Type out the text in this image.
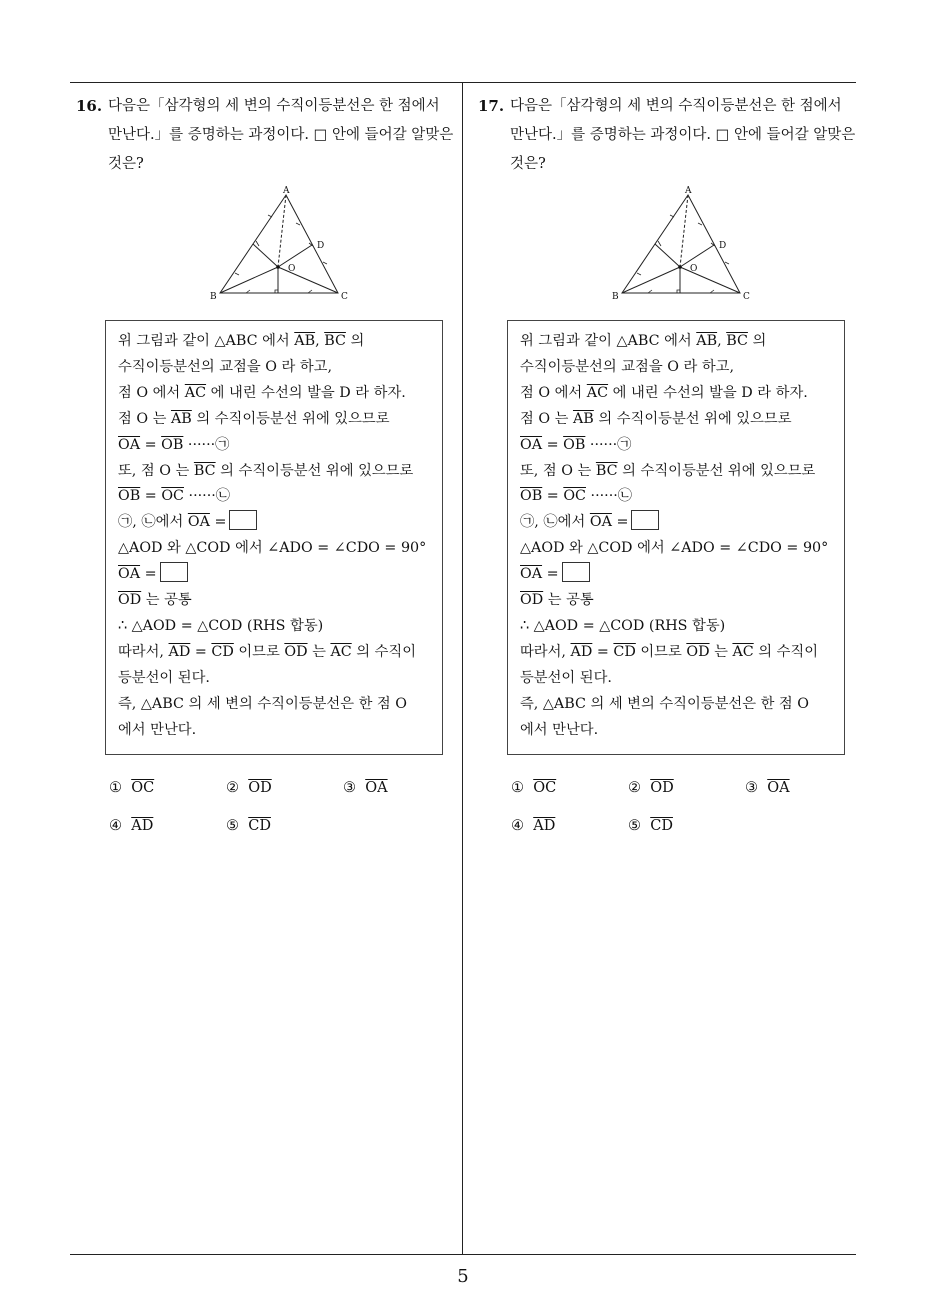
5
16. 다음은「삼각형의 세 변의 수직이등분선은 한 점에서
만난다.」를 증명하는 과정이다. □ 안에 들어갈 알맞은
것은?
A
B	C
D
O
위 그림과 같이 △ABC 에서 $\overline{AB}$, $\overline{BC}$ 의
수직이등분선의 교점을 O 라 하고,
점 O 에서 $\overline{AC}$ 에 내린 수선의 발을 D 라 하자.
점 O 는 $\overline{AB}$ 의 수직이등분선 위에 있으므로
$\overline{OA} = \overline{OB}$ ······㉠
또, 점 O 는 $\overline{BC}$ 의 수직이등분선 위에 있으므로
$\overline{OB} = \overline{OC}$ ······㉡
㉠, ㉡에서 $\overline{OA}$ =
△AOD 와 △COD 에서 ∠ADO = ∠CDO = 90°
$\overline{OA}$ =
$\overline{OD}$ 는 공통
∴ △AOD = △COD (RHS 합동)
따라서, $\overline{AD} = \overline{CD}$ 이므로 $\overline{OD}$ 는 $\overline{AC}$ 의 수직이
등분선이 된다.
즉, △ABC 의 세 변의 수직이등분선은 한 점 O
에서 만난다.
① $\overline{OC}$	② $\overline{OD}$	③ $\overline{OA}$
④ $\overline{AD}$	⑤ $\overline{CD}$
17. 다음은「삼각형의 세 변의 수직이등분선은 한 점에서
만난다.」를 증명하는 과정이다. □ 안에 들어갈 알맞은
것은?
A
B	C
D
O
위 그림과 같이 △ABC 에서 $\overline{AB}$, $\overline{BC}$ 의
수직이등분선의 교점을 O 라 하고,
점 O 에서 $\overline{AC}$ 에 내린 수선의 발을 D 라 하자.
점 O 는 $\overline{AB}$ 의 수직이등분선 위에 있으므로
$\overline{OA} = \overline{OB}$ ······㉠
또, 점 O 는 $\overline{BC}$ 의 수직이등분선 위에 있으므로
$\overline{OB} = \overline{OC}$ ······㉡
㉠, ㉡에서 $\overline{OA}$ =
△AOD 와 △COD 에서 ∠ADO = ∠CDO = 90°
$\overline{OA}$ =
$\overline{OD}$ 는 공통
∴ △AOD = △COD (RHS 합동)
따라서, $\overline{AD} = \overline{CD}$ 이므로 $\overline{OD}$ 는 $\overline{AC}$ 의 수직이
등분선이 된다.
즉, △ABC 의 세 변의 수직이등분선은 한 점 O
에서 만난다.
① $\overline{OC}$	② $\overline{OD}$	③ $\overline{OA}$
④ $\overline{AD}$	⑤ $\overline{CD}$
